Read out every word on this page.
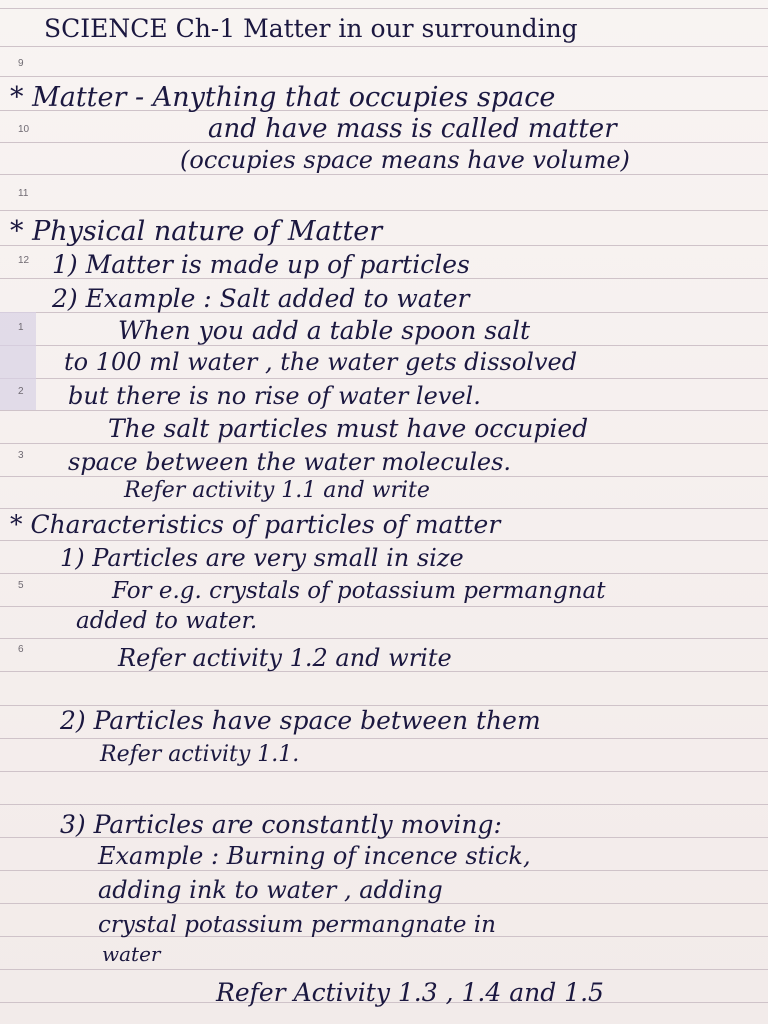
9
10
11
12
1
2
3
5
6
SCIENCE Ch-1 Matter in our surrounding
* Matter - Anything that occupies space
and have mass is called matter
(occupies space means have volume)
* Physical nature of Matter
1) Matter is made up of particles
2) Example : Salt added to water
When you add a table spoon salt
to 100 ml water , the water gets dissolved
but there is no rise of water level.
The salt particles must have occupied
space between the water molecules.
Refer activity 1.1 and write
* Characteristics of particles of matter
1) Particles are very small in size
For e.g. crystals of potassium permangnat
added to water.
Refer activity 1.2 and write
2) Particles have space between them
Refer activity 1.1.
3) Particles are constantly moving:
Example : Burning of incence stick,
adding ink to water , adding
crystal potassium permangnate in
water
Refer Activity 1.3 , 1.4 and 1.5
